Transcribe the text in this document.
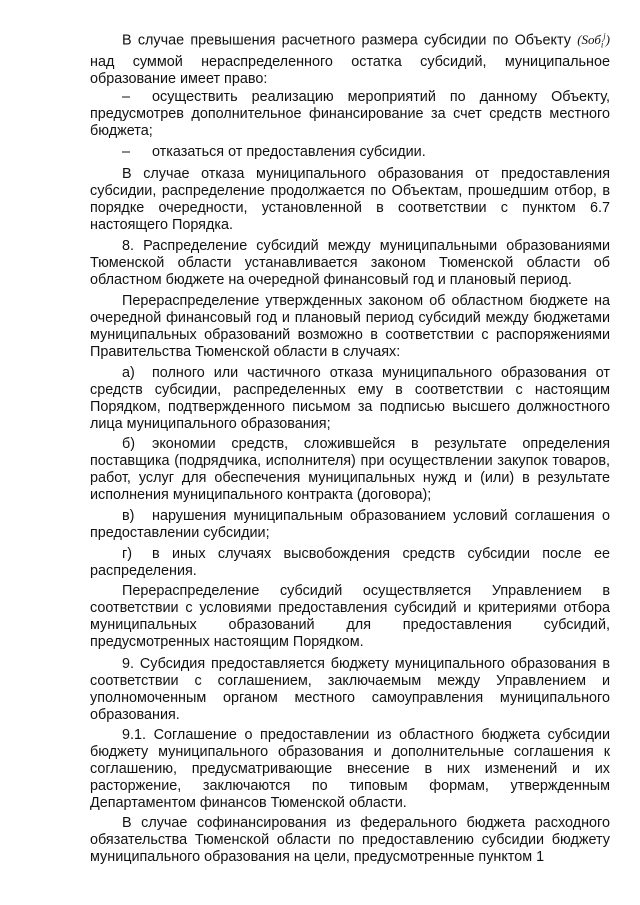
В случае превышения расчетного размера субсидии по Объекту (Sоб$_i^j$) над суммой нераспределенного остатка субсидий, муниципальное образование имеет право:

–	осуществить реализацию мероприятий по данному Объекту, предусмотрев дополнительное финансирование за счет средств местного бюджета;
–	отказаться от предоставления субсидии.

В случае отказа муниципального образования от предоставления субсидии, распределение продолжается по Объектам, прошедшим отбор, в порядке очередности, установленной в соответствии с пунктом 6.7 настоящего Порядка.

8. Распределение субсидий между муниципальными образованиями Тюменской области устанавливается законом Тюменской области об областном бюджете на очередной финансовый год и плановый период.

Перераспределение утвержденных законом об областном бюджете на очередной финансовый год и плановый период субсидий между бюджетами муниципальных образований возможно в соответствии с распоряжениями Правительства Тюменской области в случаях:

а) полного или частичного отказа муниципального образования от средств субсидии, распределенных ему в соответствии с настоящим Порядком, подтвержденного письмом за подписью высшего должностного лица муниципального образования;

б) экономии средств, сложившейся в результате определения поставщика (подрядчика, исполнителя) при осуществлении закупок товаров, работ, услуг для обеспечения муниципальных нужд и (или) в результате исполнения муниципального контракта (договора);

в) нарушения муниципальным образованием условий соглашения о предоставлении субсидии;

г) в иных случаях высвобождения средств субсидии после ее распределения.

Перераспределение субсидий осуществляется Управлением в соответствии с условиями предоставления субсидий и критериями отбора муниципальных образований для предоставления субсидий, предусмотренных настоящим Порядком.

9. Субсидия предоставляется бюджету муниципального образования в соответствии с соглашением, заключаемым между Управлением и уполномоченным органом местного самоуправления муниципального образования.

9.1. Соглашение о предоставлении из областного бюджета субсидии бюджету муниципального образования и дополнительные соглашения к соглашению, предусматривающие внесение в них изменений и их расторжение, заключаются по типовым формам, утвержденным Департаментом финансов Тюменской области.

В случае софинансирования из федерального бюджета расходного обязательства Тюменской области по предоставлению субсидии бюджету муниципального образования на цели, предусмотренные пунктом 1
